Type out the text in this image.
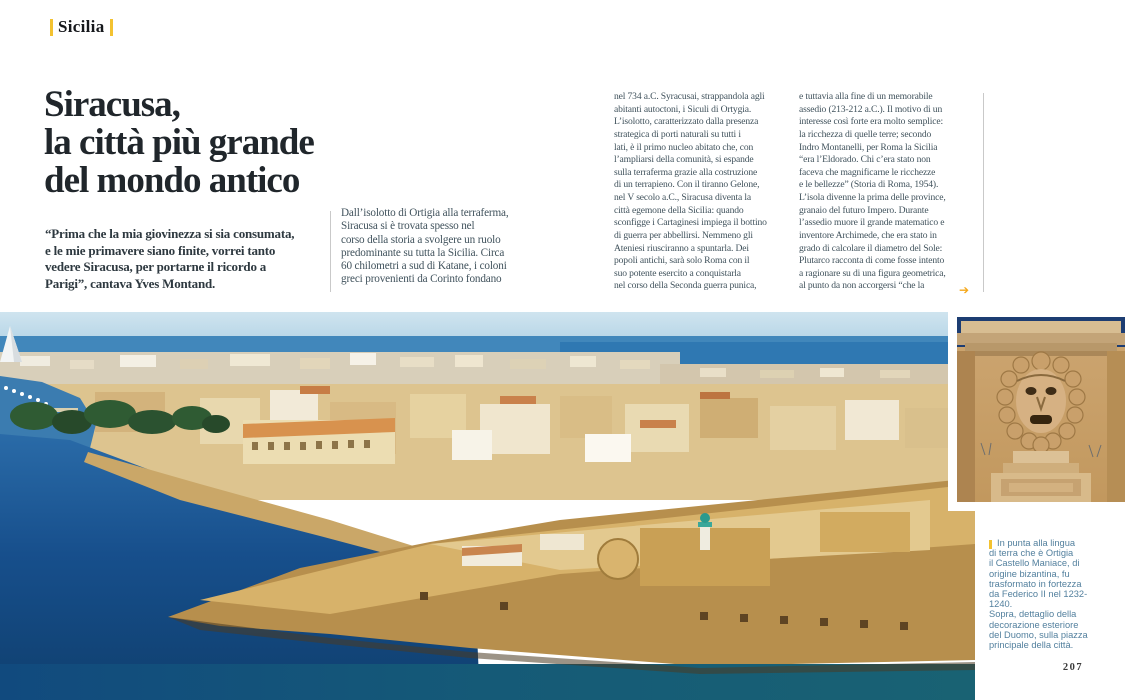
Sicilia
Siracusa,
la città più grande
del mondo antico
“Prima che la mia giovinezza si sia consumata,
e le mie primavere siano finite, vorrei tanto
vedere Siracusa, per portarne il ricordo a
Parigi”, cantava Yves Montand.
Dall’isolotto di Ortigia alla terraferma,
Siracusa si è trovata spesso nel
corso della storia a svolgere un ruolo
predominante su tutta la Sicilia. Circa
60 chilometri a sud di Katane, i coloni
greci provenienti da Corinto fondano
nel 734 a.C. Syracusai, strappandola agli
abitanti autoctoni, i Siculi di Ortygia.
L’isolotto, caratterizzato dalla presenza
strategica di porti naturali su tutti i
lati, è il primo nucleo abitato che, con
l’ampliarsi della comunità, si espande
sulla terraferma grazie alla costruzione
di un terrapieno. Con il tiranno Gelone,
nel V secolo a.C., Siracusa diventa la
città egemone della Sicilia: quando
sconfigge i Cartaginesi impiega il bottino
di guerra per abbellirsi. Nemmeno gli
Ateniesi riusciranno a spuntarla. Dei
popoli antichi, sarà solo Roma con il
suo potente esercito a conquistarla
nel corso della Seconda guerra punica,
e tuttavia alla fine di un memorabile
assedio (213-212 a.C.). Il motivo di un
interesse così forte era molto semplice:
la ricchezza di quelle terre; secondo
Indro Montanelli, per Roma la Sicilia
“era l’Eldorado. Chi c’era stato non
faceva che magnificarne le ricchezze
e le bellezze” (Storia di Roma, 1954).
L’isola divenne la prima delle province,
granaio del futuro Impero. Durante
l’assedio muore il grande matematico e
inventore Archimede, che era stato in
grado di calcolare il diametro del Sole:
Plutarco racconta di come fosse intento
a ragionare su di una figura geometrica,
al punto da non accorgersi “che la	➔
In punta alla lingua
di terra che è Ortigia
il Castello Maniace, di
origine bizantina, fu
trasformato in fortezza
da Federico II nel 1232-
1240.
Sopra, dettaglio della
decorazione esteriore
del Duomo, sulla piazza
principale della città.
207
